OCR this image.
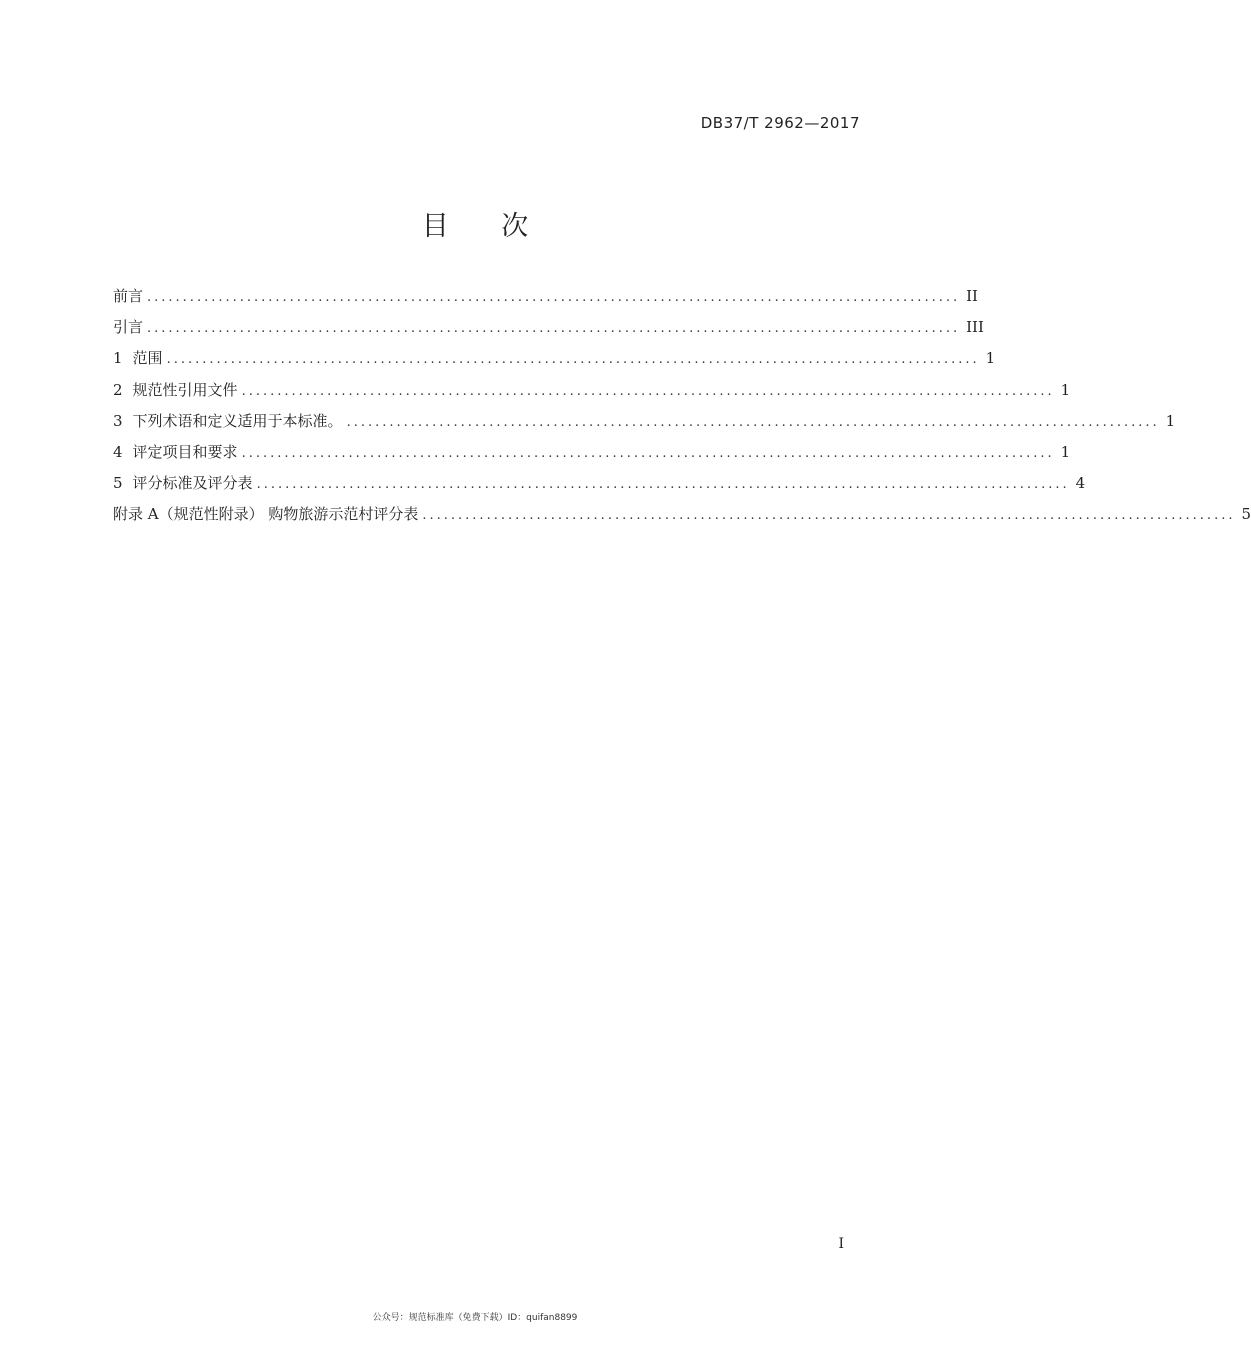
DB37/T 2962—2017
目 次
前言 .................................................................................................................. II
引言 .................................................................................................................. III
1 范围 .................................................................................................................. 1
2 规范性引用文件 .................................................................................................................. 1
3 下列术语和定义适用于本标准。 .................................................................................................................. 1
4 评定项目和要求 .................................................................................................................. 1
5 评分标准及评分表 .................................................................................................................. 4
附录 A（规范性附录） 购物旅游示范村评分表 .................................................................................................................. 5
I
公众号：规范标准库（免费下载）ID：quifan8899
